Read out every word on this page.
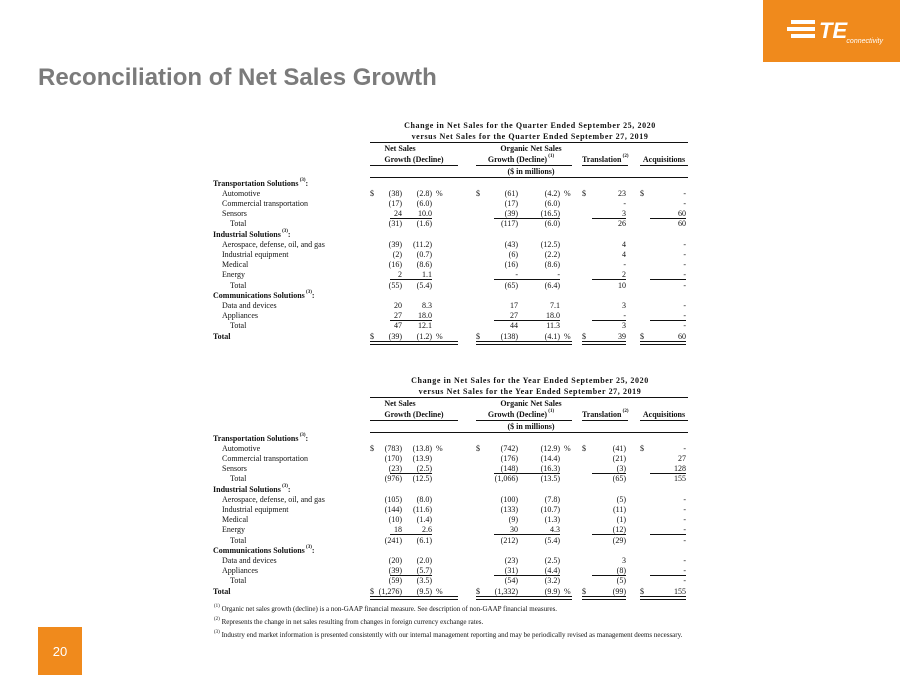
TE connectivity
Reconciliation of Net Sales Growth
Change in Net Sales for the Quarter Ended September 25, 2020
versus Net Sales for the Quarter Ended September 27, 2019
Net Sales	Organic Net Sales
Growth (Decline)	Growth (Decline) $^{(1)}$	Translation $^{(2)}$	Acquisitions
($ in millions)
Transportation Solutions $^{(3)}$:
Automotive	$	(38)	(2.8) %	$	(61)	(4.2) % $	23 $	-
Commercial transportation	(17)	(6.0)	(17)	(6.0)	-	-
Sensors	24	10.0	(39)	(16.5)	3	60
Total	(31)	(1.6)	(117)	(6.0)	26	60
Industrial Solutions $^{(3)}$:
Aerospace, defense, oil, and gas	(39)	(11.2)	(43)	(12.5)	4	-
Industrial equipment	(2)	(0.7)	(6)	(2.2)	4	-
Medical	(16)	(8.6)	(16)	(8.6)	-	-
Energy	2	1.1	-	-	2	-
Total	(55)	(5.4)	(65)	(6.4)	10	-
Communications Solutions $^{(3)}$:
Data and devices	20	8.3	17	7.1	3	-
Appliances	27	18.0	27	18.0	-	-
Total	47	12.1	44	11.3	3	-
Total	$	(39)	(1.2) %	$	(138)	(4.1) % $	39 $	60
Change in Net Sales for the Year Ended September 25, 2020
versus Net Sales for the Year Ended September 27, 2019
Net Sales	Organic Net Sales
Growth (Decline)	Growth (Decline) $^{(1)}$	Translation $^{(2)}$	Acquisitions
($ in millions)
Transportation Solutions $^{(3)}$:
Automotive	$	(783)	(13.8) %	$	(742)	(12.9) % $	(41) $	-
Commercial transportation	(170)	(13.9)	(176)	(14.4)	(21)	27
Sensors	(23)	(2.5)	(148)	(16.3)	(3)	128
Total	(976)	(12.5)	(1,066)	(13.5)	(65)	155
Industrial Solutions $^{(3)}$:
Aerospace, defense, oil, and gas	(105)	(8.0)	(100)	(7.8)	(5)	-
Industrial equipment	(144)	(11.6)	(133)	(10.7)	(11)	-
Medical	(10)	(1.4)	(9)	(1.3)	(1)	-
Energy	18	2.6	30	4.3	(12)	-
Total	(241)	(6.1)	(212)	(5.4)	(29)	-
Communications Solutions $^{(3)}$:
Data and devices	(20)	(2.0)	(23)	(2.5)	3	-
Appliances	(39)	(5.7)	(31)	(4.4)	(8)	-
Total	(59)	(3.5)	(54)	(3.2)	(5)	-
Total	$ (1,276)	(9.5) %	$	(1,332)	(9.9) % $	(99) $	155
$^{(1)}$ Organic net sales growth (decline) is a non-GAAP financial measure. See description of non-GAAP financial measures.
$^{(2)}$ Represents the change in net sales resulting from changes in foreign currency exchange rates.
$^{(3)}$ Industry end market information is presented consistently with our internal management reporting and may be periodically revised as management deems necessary.
20
